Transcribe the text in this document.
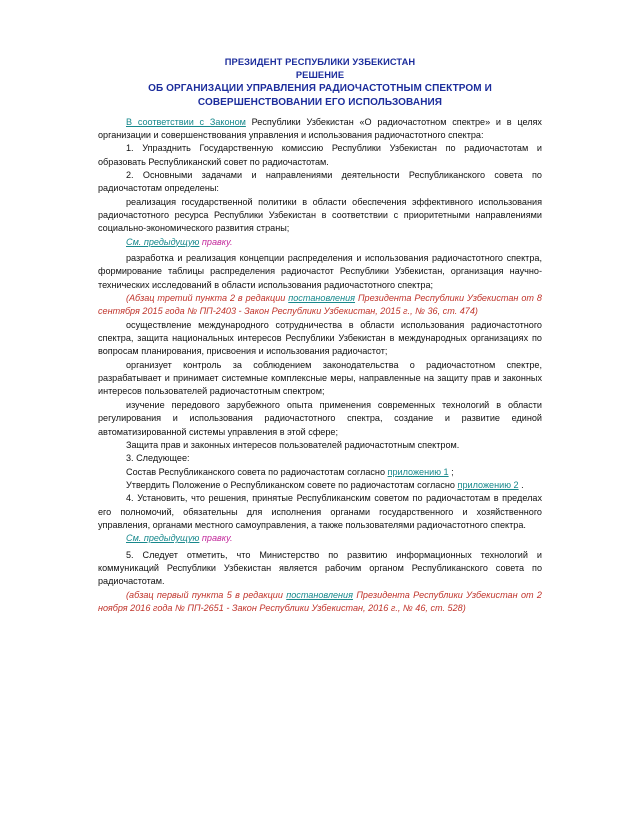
ПРЕЗИДЕНТ РЕСПУБЛИКИ УЗБЕКИСТАН
РЕШЕНИЕ
ОБ ОРГАНИЗАЦИИ УПРАВЛЕНИЯ РАДИОЧАСТОТНЫМ СПЕКТРОМ И
СОВЕРШЕНСТВОВАНИИ ЕГО ИСПОЛЬЗОВАНИЯ

В соответствии с Законом Республики Узбекистан «О радиочастотном спектре» и в целях организации и совершенствования управления и использования радиочастотного спектра:

1. Упразднить Государственную комиссию Республики Узбекистан по радиочастотам и образовать Республиканский совет по радиочастотам.

2. Основными задачами и направлениями деятельности Республиканского совета по радиочастотам определены:

реализация государственной политики в области обеспечения эффективного использования радиочастотного ресурса Республики Узбекистан в соответствии с приоритетными направлениями социально-экономического развития страны;

См. предыдущую правку.

разработка и реализация концепции распределения и использования радиочастотного спектра, формирование таблицы распределения радиочастот Республики Узбекистан, организация научно-технических исследований в области использования радиочастотного спектра;

(Абзац третий пункта 2 в редакции постановления Президента Республики Узбекистан от 8 сентября 2015 года № ПП-2403 - Закон Республики Узбекистан, 2015 г., № 36, ст. 474)

осуществление международного сотрудничества в области использования радиочастотного спектра, защита национальных интересов Республики Узбекистан в международных организациях по вопросам планирования, присвоения и использования радиочастот;

организует контроль за соблюдением законодательства о радиочастотном спектре, разрабатывает и принимает системные комплексные меры, направленные на защиту прав и законных интересов пользователей радиочастотным спектром;

изучение передового зарубежного опыта применения современных технологий в области регулирования и использования радиочастотного спектра, создание и развитие единой автоматизированной системы управления в этой сфере;

Защита прав и законных интересов пользователей радиочастотным спектром.

3. Следующее:

Состав Республиканского совета по радиочастотам согласно приложению 1 ;

Утвердить Положение о Республиканском совете по радиочастотам согласно приложению 2 .

4. Установить, что решения, принятые Республиканским советом по радиочастотам в пределах его полномочий, обязательны для исполнения органами государственного и хозяйственного управления, органами местного самоуправления, а также пользователями радиочастотного спектра.

См. предыдущую правку.

5. Следует отметить, что Министерство по развитию информационных технологий и коммуникаций Республики Узбекистан является рабочим органом Республиканского совета по радиочастотам.

(абзац первый пункта 5 в редакции постановления Президента Республики Узбекистан от 2 ноября 2016 года № ПП-2651 - Закон Республики Узбекистан, 2016 г., № 46, ст. 528)
